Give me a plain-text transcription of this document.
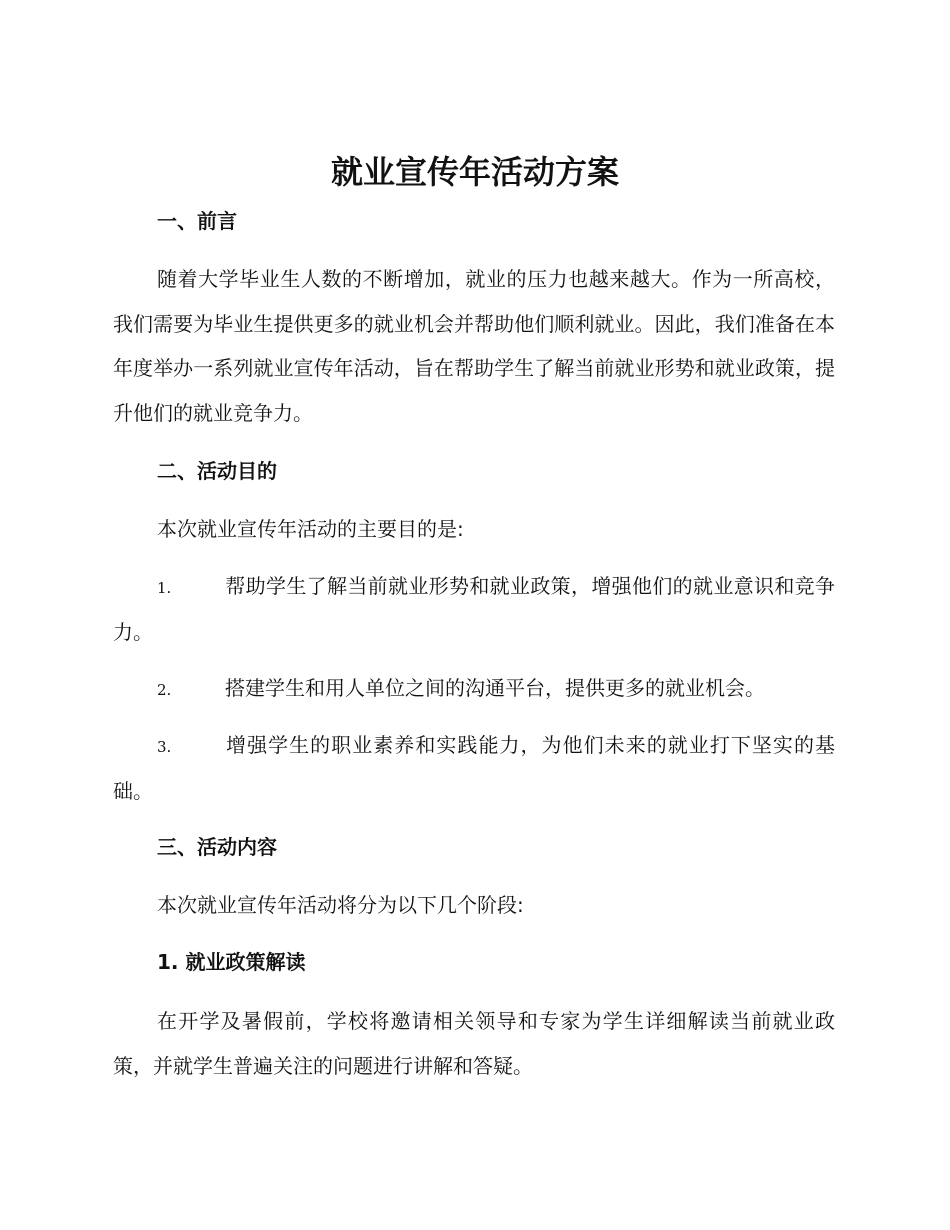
就业宣传年活动方案
一、前言
随着大学毕业生人数的不断增加，就业的压力也越来越大。作为一所高校，我们需要为毕业生提供更多的就业机会并帮助他们顺利就业。因此，我们准备在本年度举办一系列就业宣传年活动，旨在帮助学生了解当前就业形势和就业政策，提升他们的就业竞争力。
二、活动目的
本次就业宣传年活动的主要目的是:
1.	帮助学生了解当前就业形势和就业政策，增强他们的就业意识和竞争力。
2.	搭建学生和用人单位之间的沟通平台，提供更多的就业机会。
3.	增强学生的职业素养和实践能力，为他们未来的就业打下坚实的基础。
三、活动内容
本次就业宣传年活动将分为以下几个阶段:
1. 就业政策解读
在开学及暑假前，学校将邀请相关领导和专家为学生详细解读当前就业政策，并就学生普遍关注的问题进行讲解和答疑。
